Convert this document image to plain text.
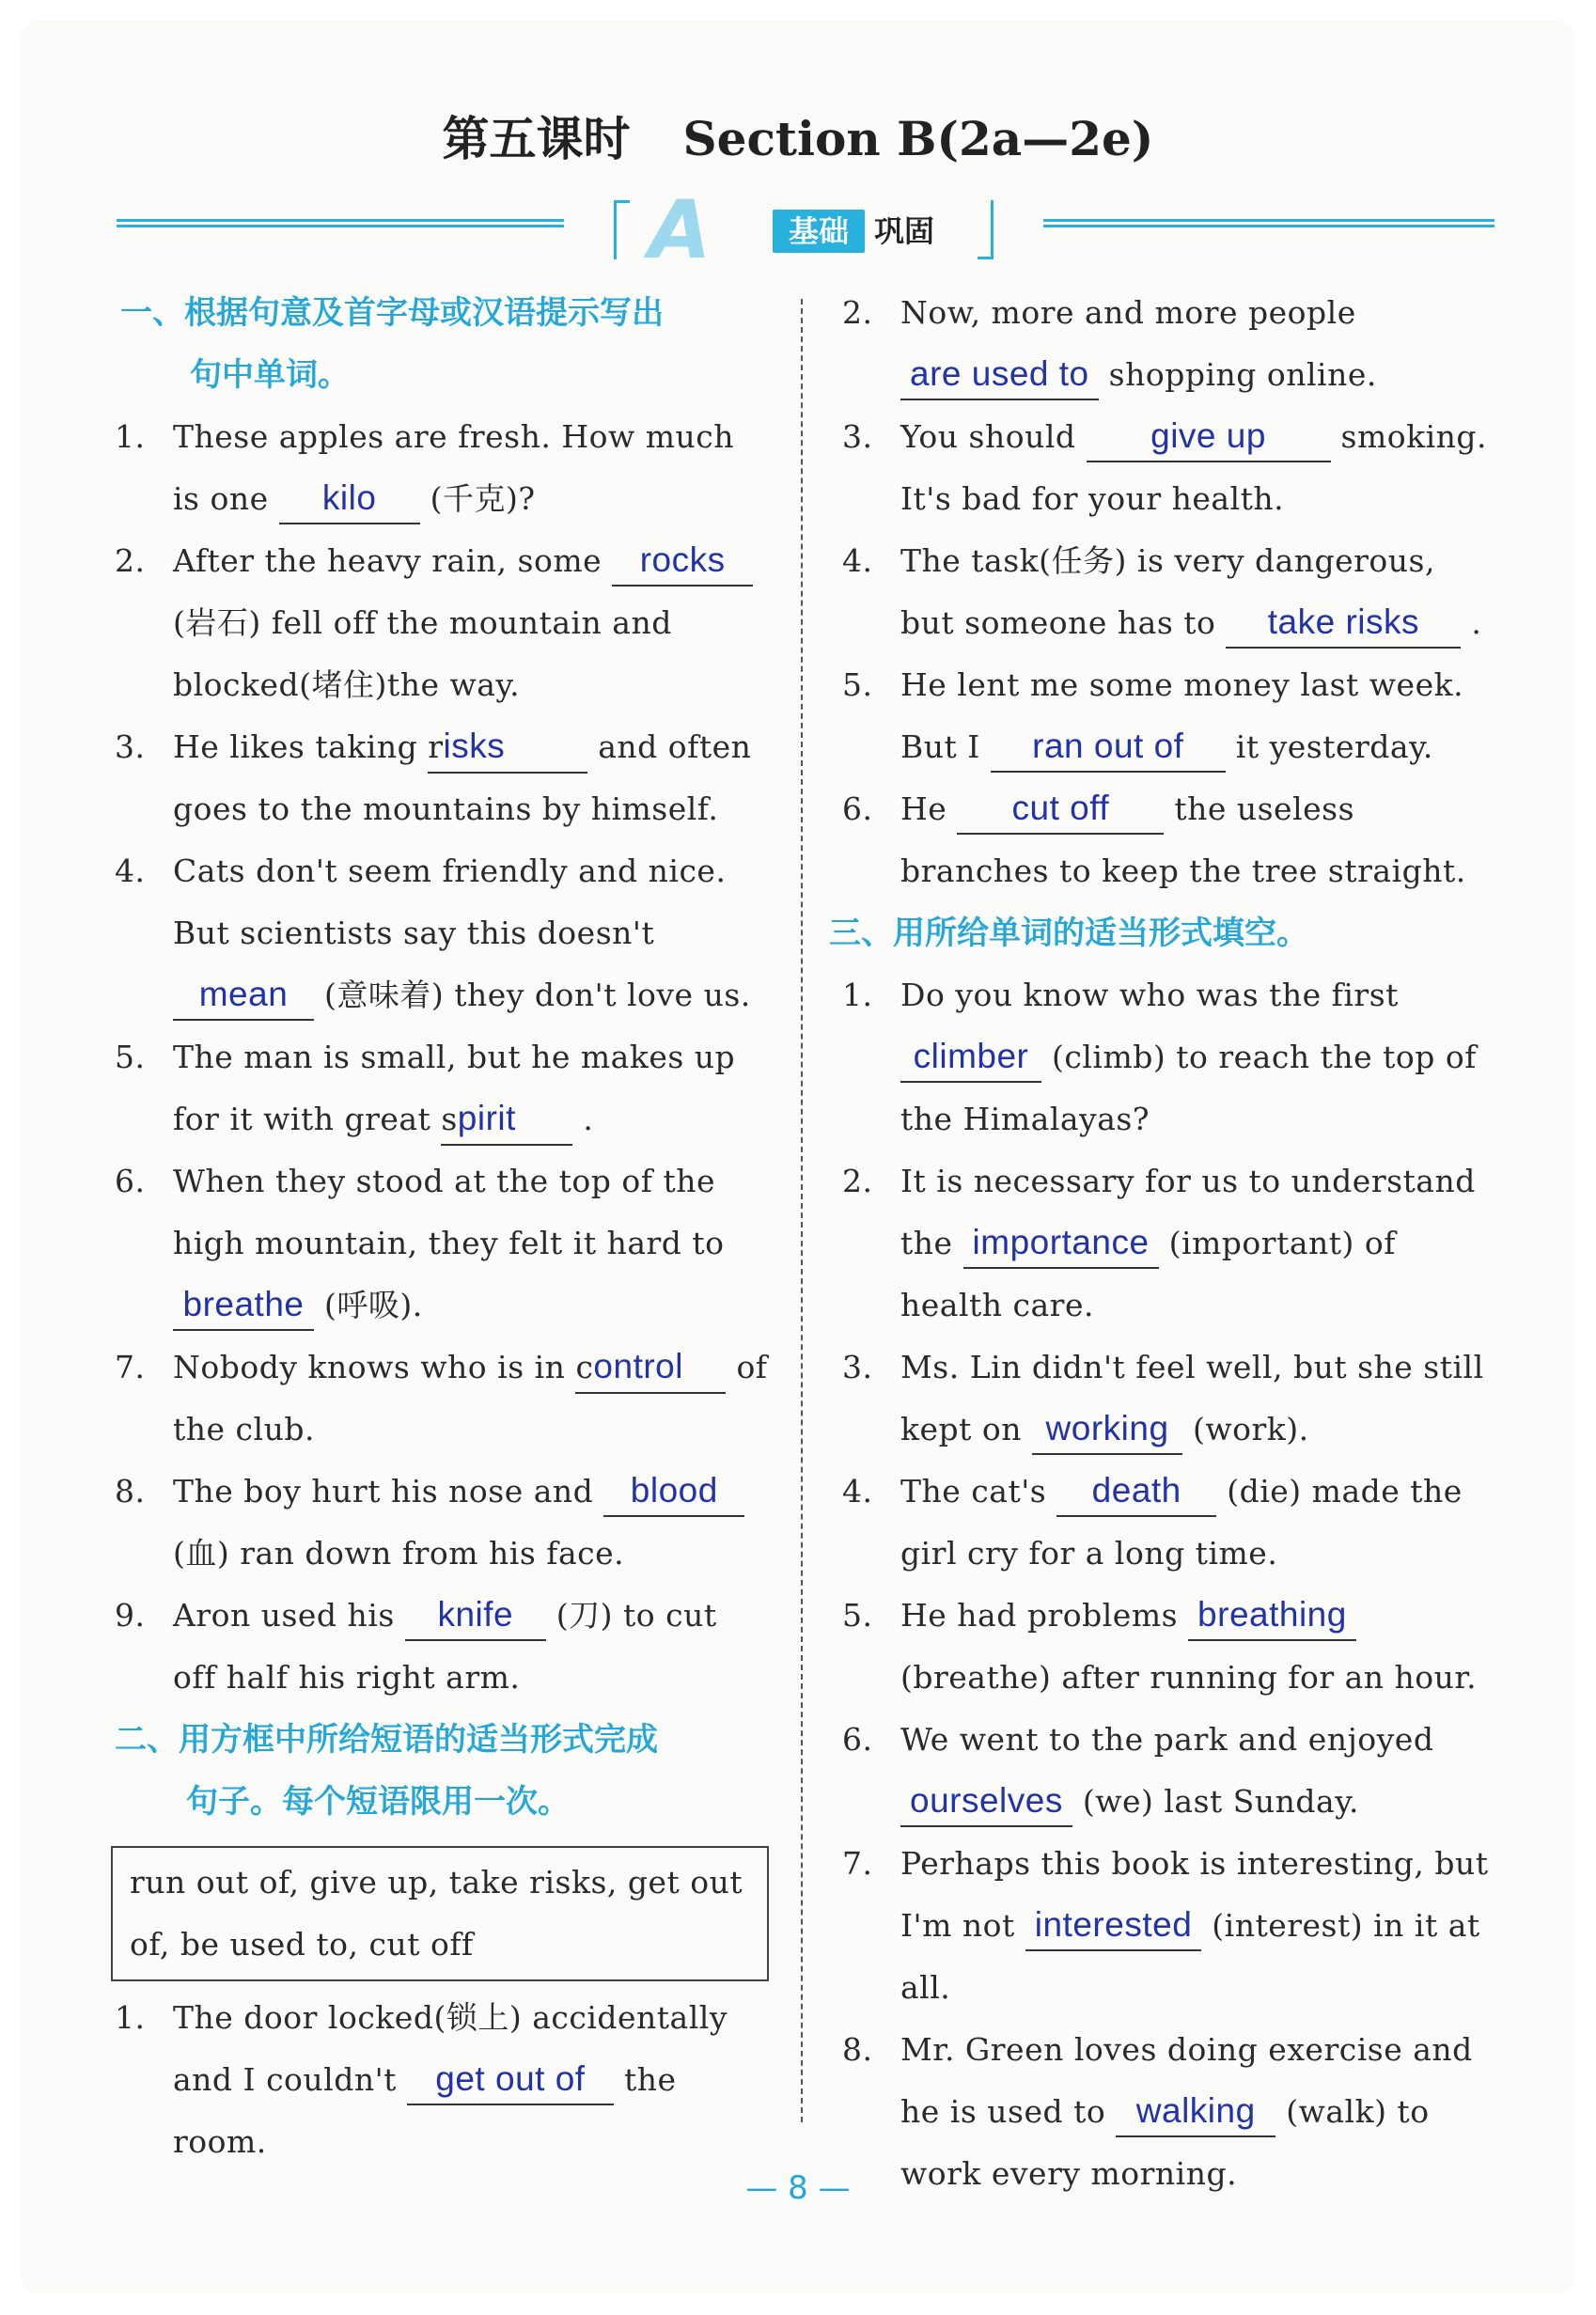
第五课时 Section B(2a—2e)
A	基础 巩固
一、根据句意及首字母或汉语提示写出
句中单词。
1. These apples are fresh. How much is one kilo (千克)?
2. After the heavy rain, some rocks (岩石) fell off the mountain and blocked(堵住)the way.
3. He likes taking risks	and often goes to the mountains by himself.
4. Cats don't seem friendly and nice. But scientists say this doesn't mean (意味着) they don't love us.
5. The man is small, but he makes up for it with great spirit .
6. When they stood at the top of the high mountain, they felt it hard to breathe (呼吸).
7. Nobody knows who is in control of the club.
8. The boy hurt his nose and blood (血) ran down from his face.
9. Aron used his knife (刀) to cut off half his right arm.
二、用方框中所给短语的适当形式完成
句子。每个短语限用一次。
run out of, give up, take risks, get out of, be used to, cut off
1. The door locked(锁上) accidentally and I couldn't get out of the room.
2. Now, more and more people are used to shopping online.
3. You should give up smoking. It's bad for your health.
4. The task(任务) is very dangerous, but someone has to take risks .
5. He lent me some money last week. But I ran out of it yesterday.
6. He cut off the useless branches to keep the tree straight.
三、用所给单词的适当形式填空。
1. Do you know who was the first climber (climb) to reach the top of the Himalayas?
2. It is necessary for us to understand the importance (important) of health care.
3. Ms. Lin didn't feel well, but she still kept on working (work).
4. The cat's death (die) made the girl cry for a long time.
5. He had problems breathing (breathe) after running for an hour.
6. We went to the park and enjoyed ourselves (we) last Sunday.
7. Perhaps this book is interesting, but I'm not interested (interest) in it at all.
8. Mr. Green loves doing exercise and he is used to walking (walk) to work every morning.
— 8 —
